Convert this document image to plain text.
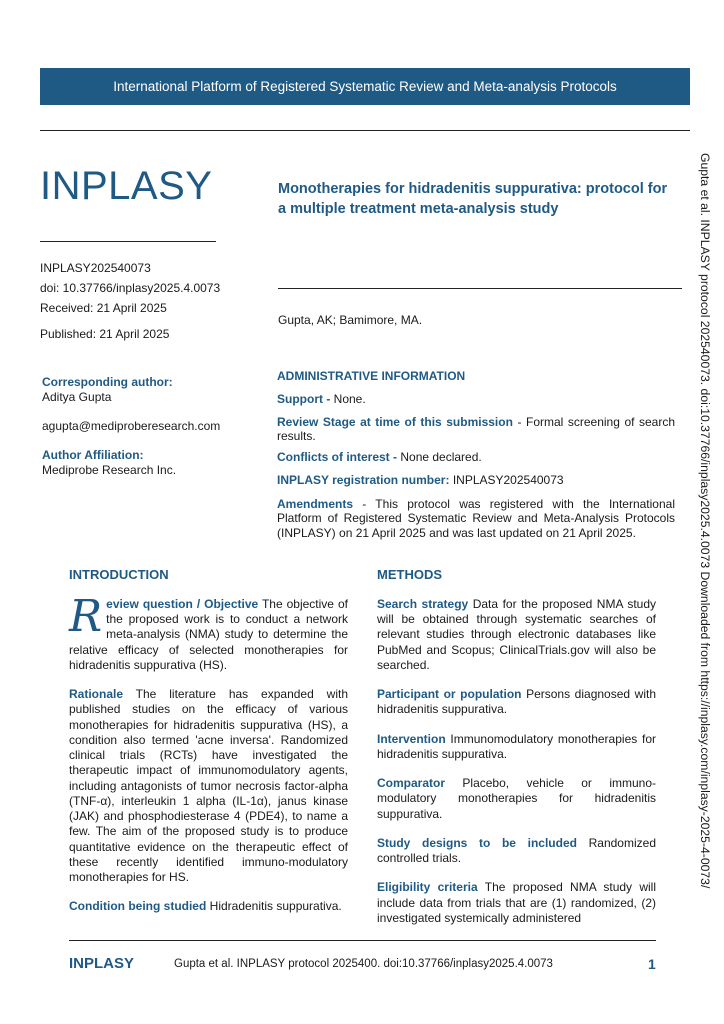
International Platform of Registered Systematic Review and Meta-analysis Protocols
INPLASY
INPLASY202540073
doi: 10.37766/inplasy2025.4.0073
Received: 21 April 2025
Published: 21 April 2025
Monotherapies for hidradenitis suppurativa: protocol for a multiple treatment meta-analysis study
Gupta, AK; Bamimore, MA.
Corresponding author:
Aditya Gupta
agupta@mediproberesearch.com
Author Affiliation:
Mediprobe Research Inc.
ADMINISTRATIVE INFORMATION
Support - None.
Review Stage at time of this submission - Formal screening of search results.
Conflicts of interest - None declared.
INPLASY registration number: INPLASY202540073
Amendments - This protocol was registered with the International Platform of Registered Systematic Review and Meta-Analysis Protocols (INPLASY) on 21 April 2025 and was last updated on 21 April 2025.
INTRODUCTION

Review question / Objective The objective of the proposed work is to conduct a network meta-analysis (NMA) study to determine the relative efficacy of selected monotherapies for hidradenitis suppurativa (HS).

Rationale The literature has expanded with published studies on the efficacy of various monotherapies for hidradenitis suppurativa (HS), a condition also termed 'acne inversa'. Randomized clinical trials (RCTs) have investigated the therapeutic impact of immunomodulatory agents, including antagonists of tumor necrosis factor-alpha (TNF-α), interleukin 1 alpha (IL-1α), janus kinase (JAK) and phosphodiesterase 4 (PDE4), to name a few. The aim of the proposed study is to produce quantitative evidence on the therapeutic effect of these recently identified immuno-modulatory monotherapies for HS.

Condition being studied Hidradenitis suppurativa.

METHODS

Search strategy Data for the proposed NMA study will be obtained through systematic searches of relevant studies through electronic databases like PubMed and Scopus; ClinicalTrials.gov will also be searched.

Participant or population Persons diagnosed with hidradenitis suppurativa.

Intervention Immunomodulatory monotherapies for hidradenitis suppurativa.

Comparator Placebo, vehicle or immuno-modulatory monotherapies for hidradenitis suppurativa.

Study designs to be included Randomized controlled trials.

Eligibility criteria The proposed NMA study will include data from trials that are (1) randomized, (2) investigated systemically administered

Gupta et al. INPLASY protocol 202540073. doi:10.37766/inplasy2025.4.0073 Downloaded from https://inplasy.com/inplasy-2025-4-0073/
INPLASY	Gupta et al. INPLASY protocol 2025400. doi:10.37766/inplasy2025.4.0073	1
